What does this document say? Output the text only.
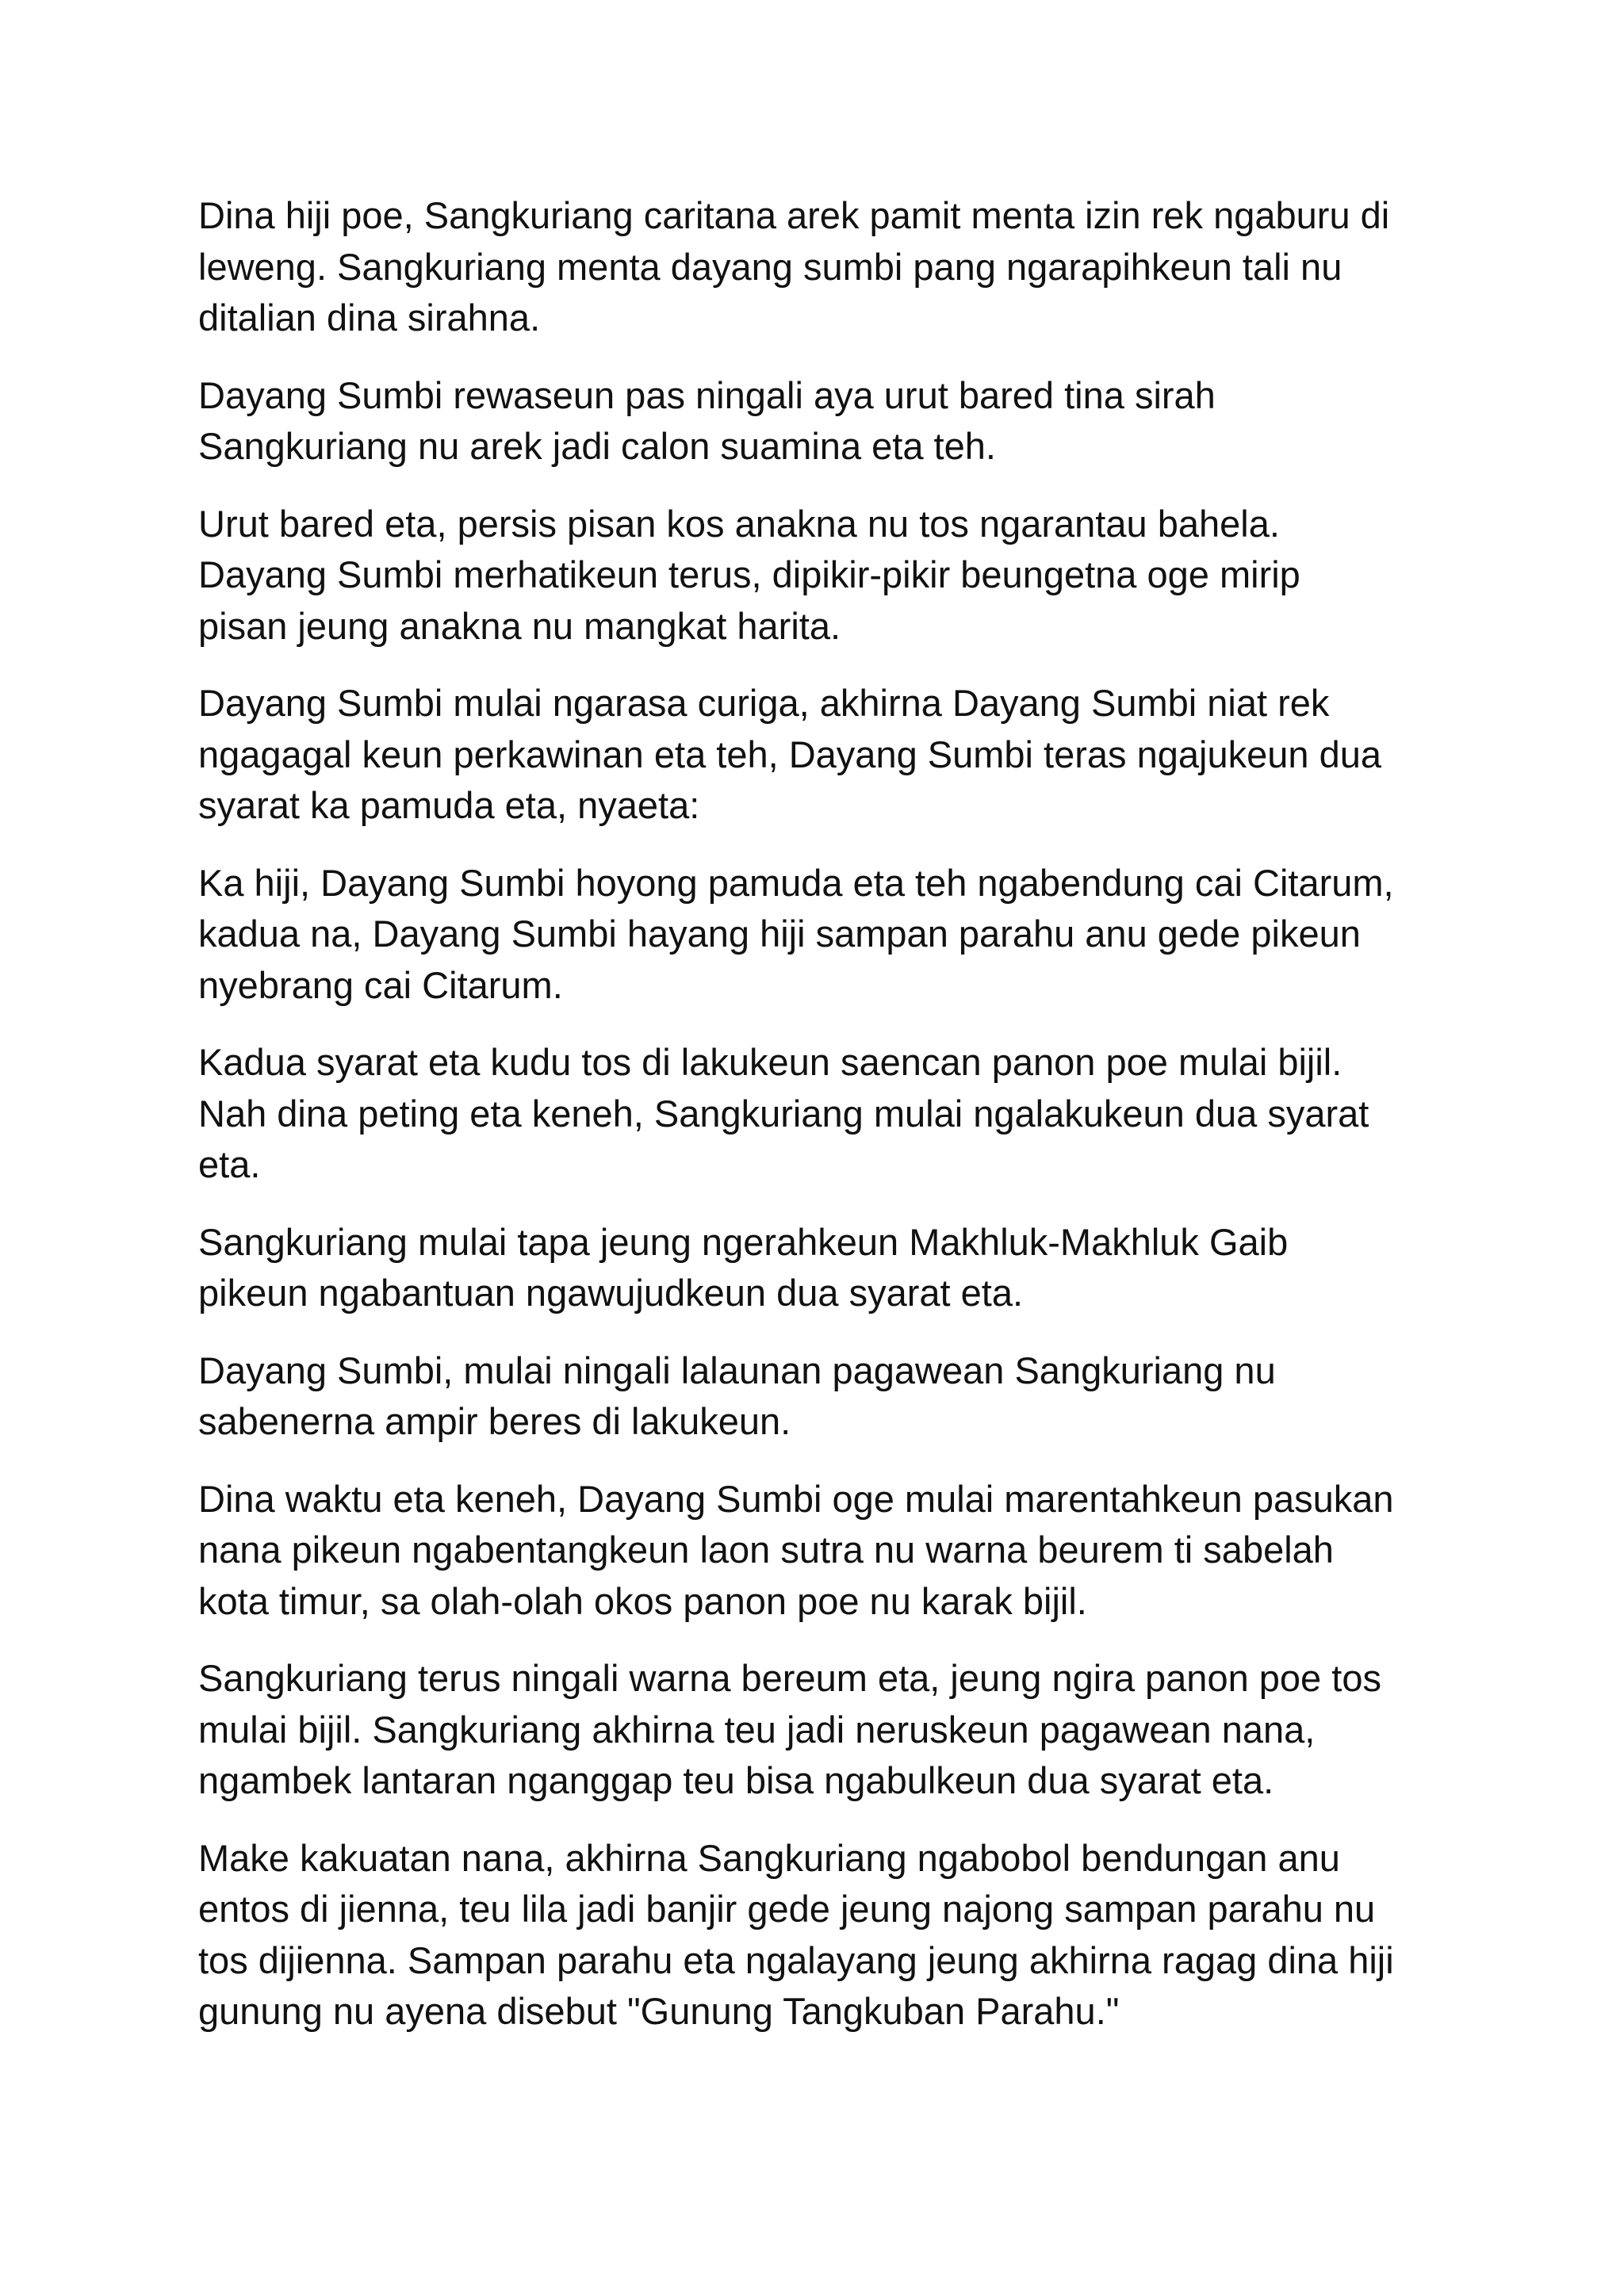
Dina hiji poe, Sangkuriang caritana arek pamit menta izin rek ngaburu di
leweng. Sangkuriang menta dayang sumbi pang ngarapihkeun tali nu
ditalian dina sirahna.

Dayang Sumbi rewaseun pas ningali aya urut bared tina sirah
Sangkuriang nu arek jadi calon suamina eta teh.

Urut bared eta, persis pisan kos anakna nu tos ngarantau bahela.
Dayang Sumbi merhatikeun terus, dipikir-pikir beungetna oge mirip
pisan jeung anakna nu mangkat harita.

Dayang Sumbi mulai ngarasa curiga, akhirna Dayang Sumbi niat rek
ngagagal keun perkawinan eta teh, Dayang Sumbi teras ngajukeun dua
syarat ka pamuda eta, nyaeta:

Ka hiji, Dayang Sumbi hoyong pamuda eta teh ngabendung cai Citarum,
kadua na, Dayang Sumbi hayang hiji sampan parahu anu gede pikeun
nyebrang cai Citarum.

Kadua syarat eta kudu tos di lakukeun saencan panon poe mulai bijil.
Nah dina peting eta keneh, Sangkuriang mulai ngalakukeun dua syarat
eta.

Sangkuriang mulai tapa jeung ngerahkeun Makhluk-Makhluk Gaib
pikeun ngabantuan ngawujudkeun dua syarat eta.

Dayang Sumbi, mulai ningali lalaunan pagawean Sangkuriang nu
sabenerna ampir beres di lakukeun.

Dina waktu eta keneh, Dayang Sumbi oge mulai marentahkeun pasukan
nana pikeun ngabentangkeun laon sutra nu warna beurem ti sabelah
kota timur, sa olah-olah okos panon poe nu karak bijil.

Sangkuriang terus ningali warna bereum eta, jeung ngira panon poe tos
mulai bijil. Sangkuriang akhirna teu jadi neruskeun pagawean nana,
ngambek lantaran nganggap teu bisa ngabulkeun dua syarat eta.

Make kakuatan nana, akhirna Sangkuriang ngabobol bendungan anu
entos di jienna, teu lila jadi banjir gede jeung najong sampan parahu nu
tos dijienna. Sampan parahu eta ngalayang jeung akhirna ragag dina hiji
gunung nu ayena disebut "Gunung Tangkuban Parahu."
